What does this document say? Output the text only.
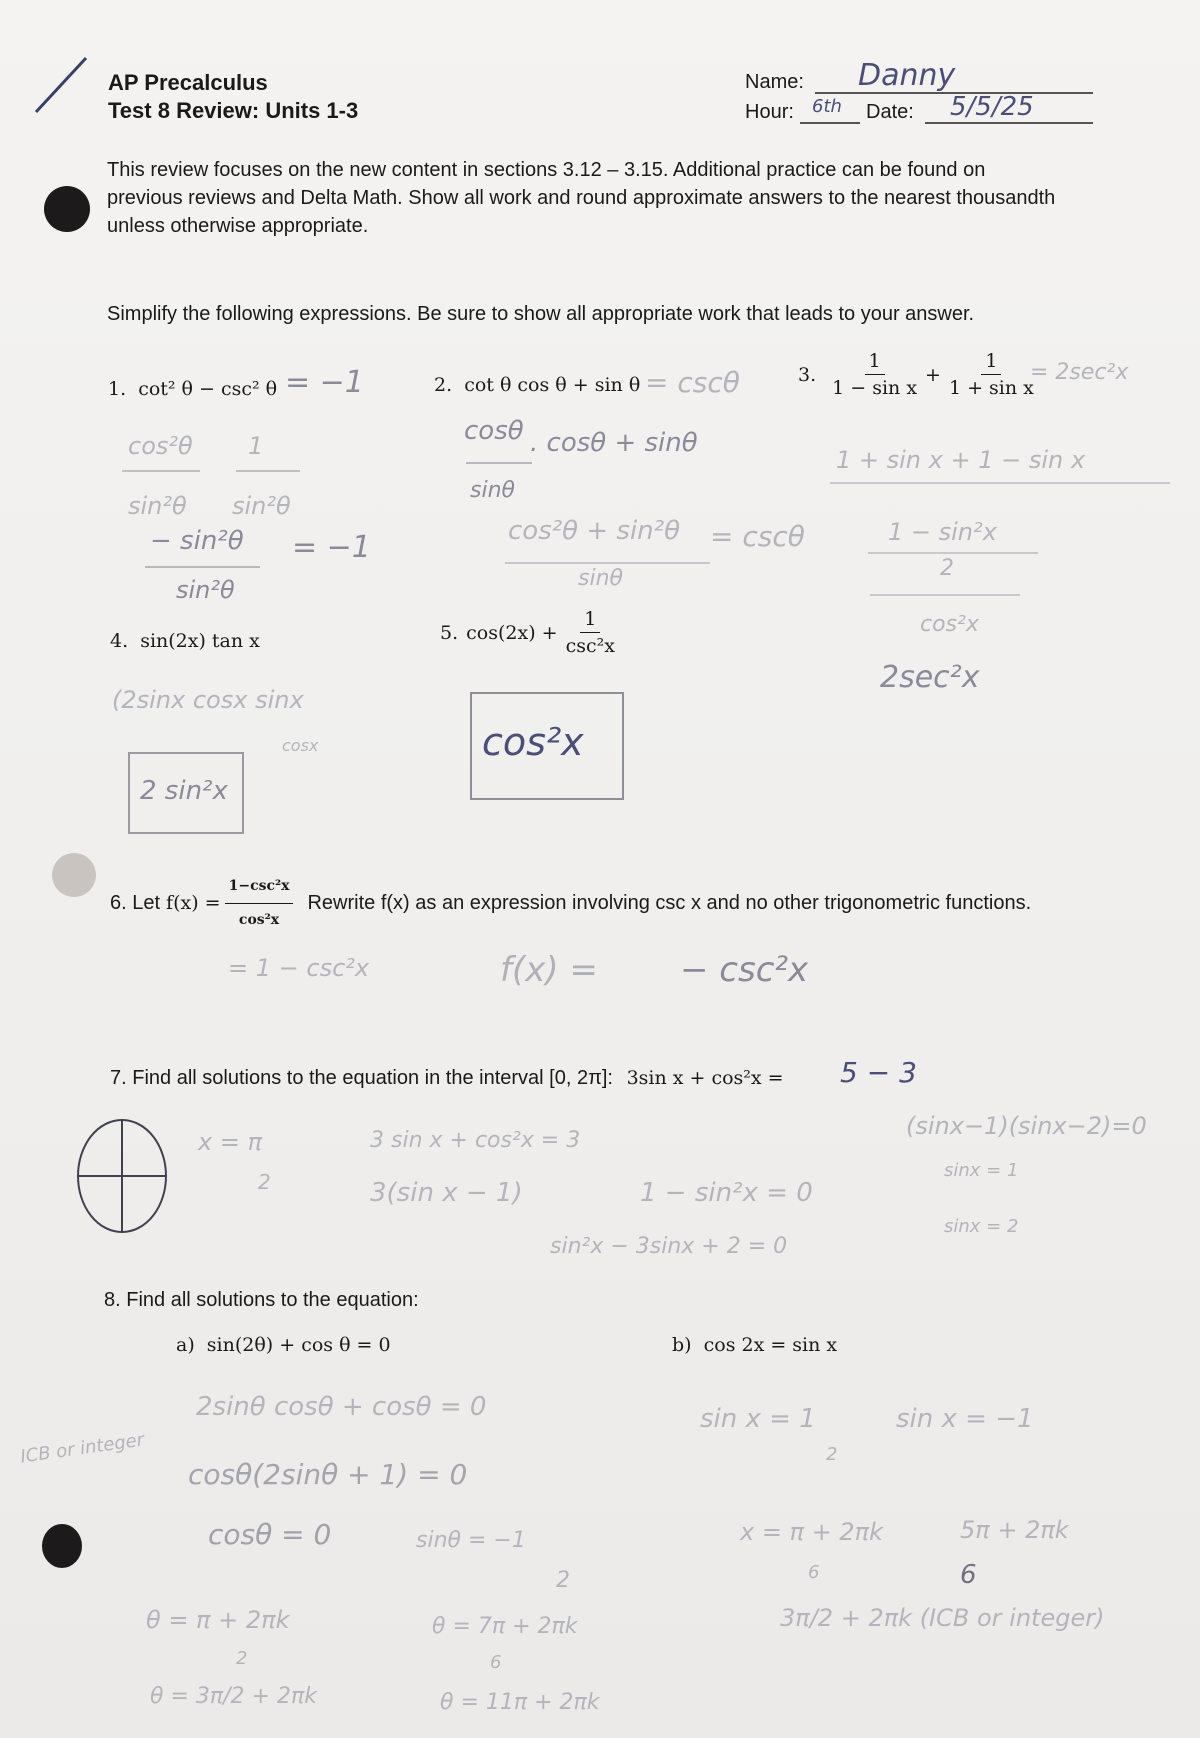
AP Precalculus
Test 8 Review: Units 1-3
Name: Danny
Hour: 6th Date: 5/5/25
This review focuses on the new content in sections 3.12 – 3.15. Additional practice can be found on
previous reviews and Delta Math. Show all work and round approximate answers to the nearest thousandth
unless otherwise appropriate.
Simplify the following expressions. Be sure to show all appropriate work that leads to your answer.
1. cot² θ − csc² θ = −1
cos²θ 1
sin²θ sin²θ
− sin²θ = −1
sin²θ
2. cot θ cos θ + sin θ = cscθ
cosθ . cosθ + sinθ
sinθ
cos²θ + sin²θ = cscθ
sinθ
3. $\frac{1}{\text{1 − sin x}} + \frac{1}{\text{1 + sin x}}$
= 2sec²x
1 + sin x + 1 − sin x
1 − sin²x
2
cos²x
2sec²x
4. sin(2x) tan x
(2sinx cosx sinx
cosx
2 sin²x
5. $\cos(2x) + \frac{1}{\text{csc²x}}$
cos²x
6. Let $f(x) = \frac{\text{1−csc²x}}{\text{cos²x}}$ Rewrite f(x) as an expression involving csc x and no other trigonometric functions.
= 1 − csc²x	f(x) = − csc²x
7. Find all solutions to the equation in the interval [0, 2π]: 3sin x + cos²x = 5 − 3
x = π
2
3 sin x + cos²x = 3
3(sin x − 1)	1 − sin²x = 0
sin²x − 3sinx + 2 = 0
(sinx−1)(sinx−2)=0
sinx = 1
sinx = 2
8. Find all solutions to the equation:
a) sin(2θ) + cos θ = 0	b) cos 2x = sin x
2sinθ cosθ + cosθ = 0
cosθ(2sinθ + 1) = 0
cosθ = 0	sinθ = −1
2
θ = π + 2πk
2
θ = 3π/2 + 2πk
θ = 7π + 2πk
6
θ = 11π + 2πk
sin x = 1
2
sin x = −1
x = π + 2πk
6
5π + 2πk
6
3π/2 + 2πk (ICB or integer)
ICB or integer
